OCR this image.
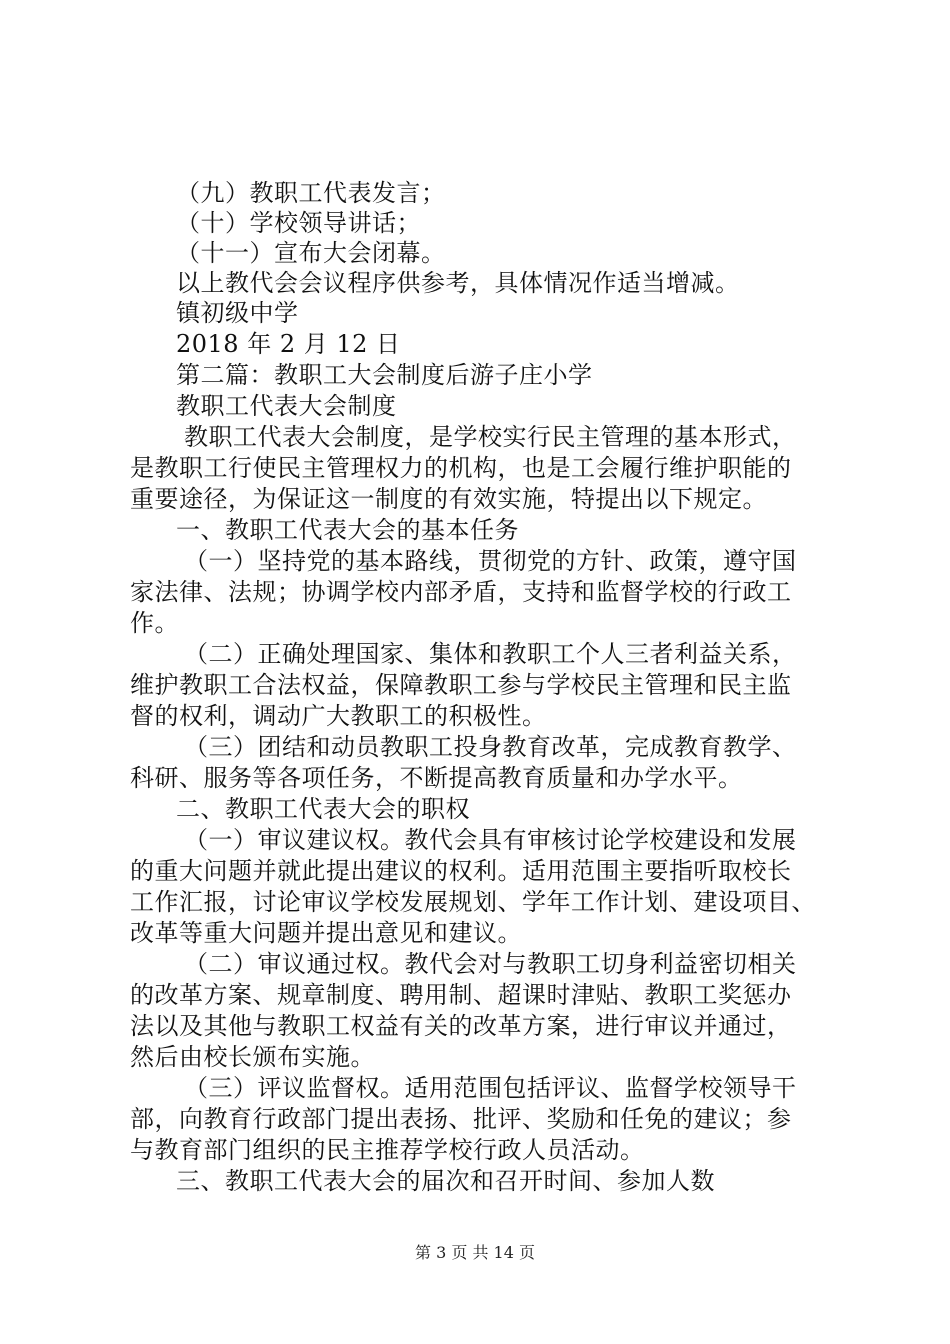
（九）教职工代表发言；
（十）学校领导讲话；
（十一）宣布大会闭幕。
以上教代会会议程序供参考，具体情况作适当增减。
镇初级中学
2018 年 2 月 12 日
第二篇：教职工大会制度后游子庄小学
教职工代表大会制度
教职工代表大会制度，是学校实行民主管理的基本形式，
是教职工行使民主管理权力的机构，也是工会履行维护职能的
重要途径，为保证这一制度的有效实施，特提出以下规定。
一、教职工代表大会的基本任务
（一）坚持党的基本路线，贯彻党的方针、政策，遵守国
家法律、法规；协调学校内部矛盾，支持和监督学校的行政工
作。
（二）正确处理国家、集体和教职工个人三者利益关系，
维护教职工合法权益，保障教职工参与学校民主管理和民主监
督的权利，调动广大教职工的积极性。
（三）团结和动员教职工投身教育改革，完成教育教学、
科研、服务等各项任务，不断提高教育质量和办学水平。
二、教职工代表大会的职权
（一）审议建议权。教代会具有审核讨论学校建设和发展
的重大问题并就此提出建议的权利。适用范围主要指听取校长
工作汇报，讨论审议学校发展规划、学年工作计划、建设项目、
改革等重大问题并提出意见和建议。
（二）审议通过权。教代会对与教职工切身利益密切相关
的改革方案、规章制度、聘用制、超课时津贴、教职工奖惩办
法以及其他与教职工权益有关的改革方案，进行审议并通过，
然后由校长颁布实施。
（三）评议监督权。适用范围包括评议、监督学校领导干
部，向教育行政部门提出表扬、批评、奖励和任免的建议；参
与教育部门组织的民主推荐学校行政人员活动。
三、教职工代表大会的届次和召开时间、参加人数
第 3 页 共 14 页
